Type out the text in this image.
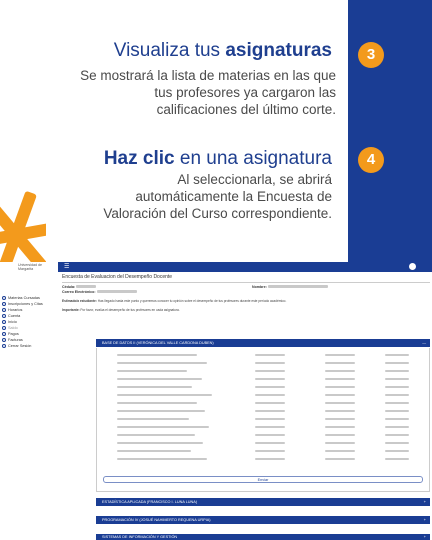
Visualiza tus asignaturas	3
Se mostrará la lista de materias en las que tus profesores ya cargaron las calificaciones del último corte.
Haz clic en una asignatura	4
Al seleccionarla, se abrirá automáticamente la Encuesta de Valoración del Curso correspondiente.
Universidad de Margarita
Materias Cursadas
Inscripciones y Citas
Horarios
Cuenta
Inicio
Saldo
Pagos
Facturas
Cerrar Sesión
☰
Encuesta de Evaluacion del Desempeño Docente
Cédula:	Nombre:
Correo Electrónico:
Estimado/a estudiante: Has llegado hasta este punto y queremos conocer tu opinión sobre el desempeño de tus profesores durante este período académico.
Importante: Por favor, evalúa el desempeño de tus profesores en cada asignatura.
BASE DE DATOS II (VERÓNICA DEL VALLE CARDONA DUBEN)	—
Enviar
ESTADÍSTICA APLICADA (FRANCISCO I. LUNA LUNA)	+
PROGRAMACIÓN IV (JOSUÉ NAHIMERTO REQUENA URPIA)	+
SISTEMAS DE INFORMACIÓN Y GESTIÓN	+
